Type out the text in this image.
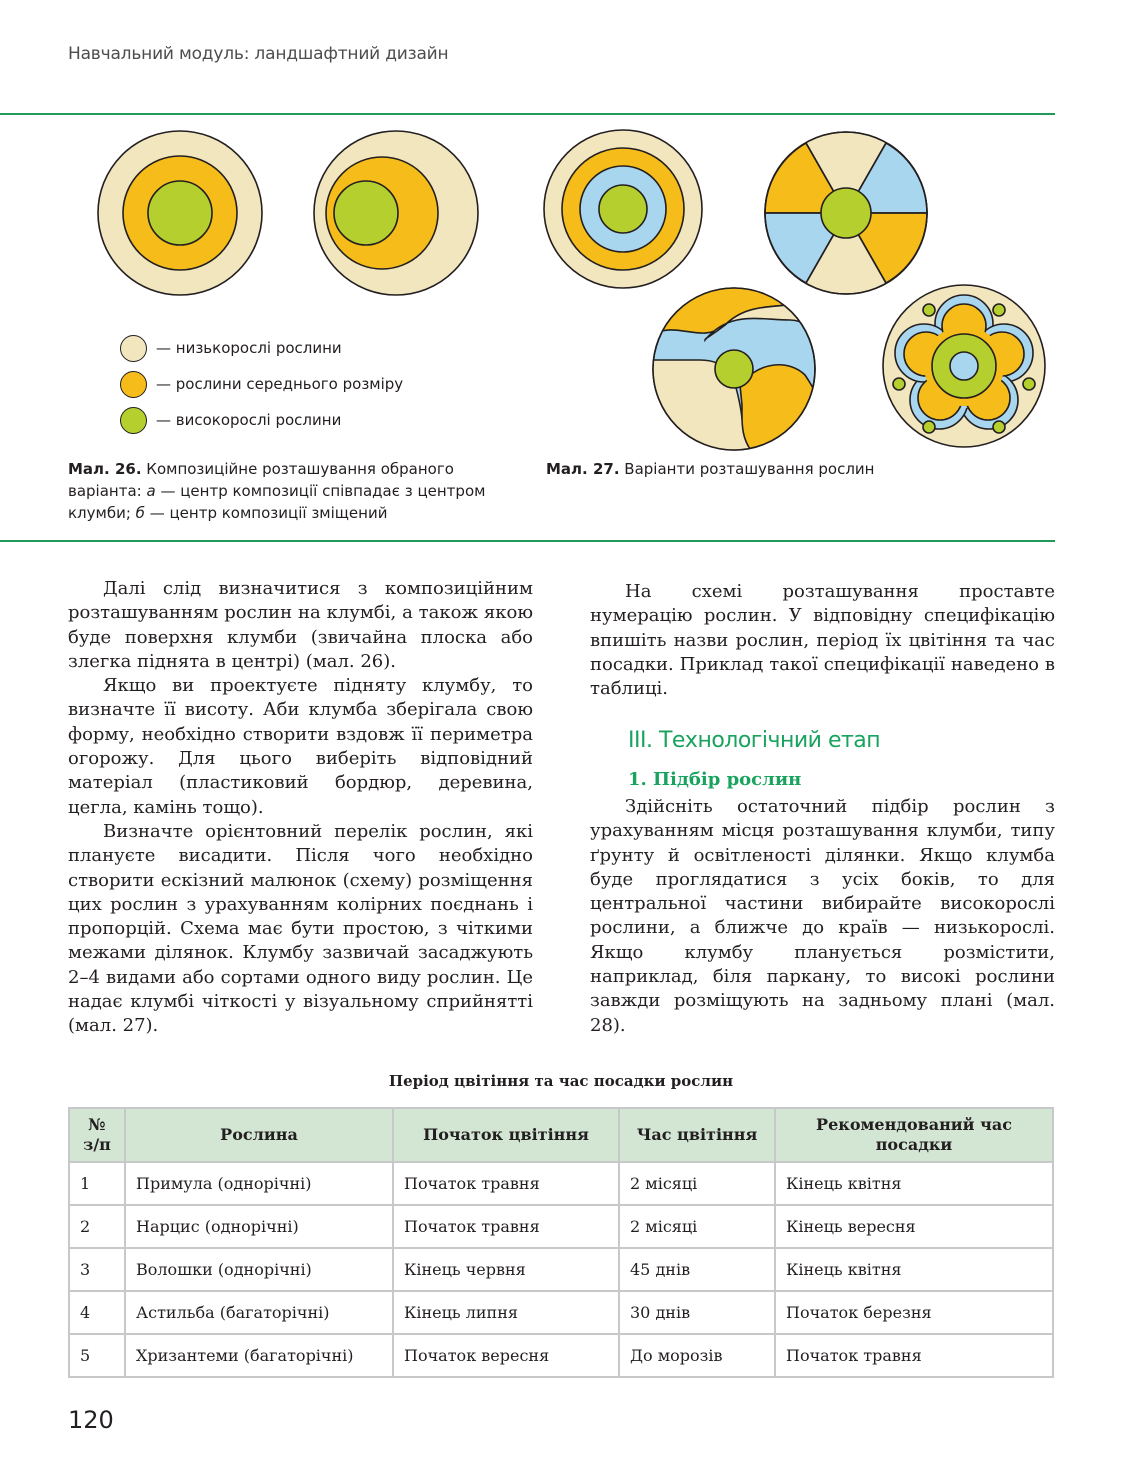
Навчальний модуль: ландшафтний дизайн
— низькорослі рослини
— рослини середнього розміру
— високорослі рослини
Мал. 26. Композиційне розташування обраного варіанта: а — центр композиції співпадає з центром клумби; б — центр композиції зміщений
Мал. 27. Варіанти розташування рослин

Далі слід визначитися з композиційним розташуванням рослин на клумбі, а також якою буде поверхня клумби (звичайна плоска або злегка піднята в центрі) (мал. 26).

Якщо ви проектуєте підняту клумбу, то визначте її висоту. Аби клумба зберігала свою форму, необхідно створити вздовж її периметра огорожу. Для цього виберіть відповідний матеріал (пластиковий бордюр, деревина, цегла, камінь тощо).

Визначте орієнтовний перелік рослин, які плануєте висадити. Після чого необхідно створити ескізний малюнок (схему) розміщення цих рослин з урахуванням колірних поєднань і пропорцій. Схема має бути простою, з чіткими межами ділянок. Клумбу зазвичай засаджують 2–4 видами або сортами одного виду рослин. Це надає клумбі чіткості у візуальному сприйнятті (мал. 27).

На схемі розташування проставте нумерацію рослин. У відповідну специфікацію впишіть назви рослин, період їх цвітіння та час посадки. Приклад такої специфікації наведено в таблиці.

ІІІ. Технологічний етап
1. Підбір рослин

Здійсніть остаточний підбір рослин з урахуванням місця розташування клумби, типу ґрунту й освітленості ділянки. Якщо клумба буде проглядатися з усіх боків, то для центральної частини вибирайте високорослі рослини, а ближче до країв — низькорослі. Якщо клумбу планується розмістити, наприклад, біля паркану, то високі рослини завжди розміщують на задньому плані (мал. 28).

Період цвітіння та час посадки рослин
№ з/п	Рослина	Початок цвітіння	Час цвітіння	Рекомендований час посадки
1	Примула (однорічні)	Початок травня	2 місяці	Кінець квітня
2	Нарцис (однорічні)	Початок травня	2 місяці	Кінець вересня
3	Волошки (однорічні)	Кінець червня	45 днів	Кінець квітня
4	Астильба (багаторічні)	Кінець липня	30 днів	Початок березня
5	Хризантеми (багаторічні)	Початок вересня	До морозів	Початок травня
120
